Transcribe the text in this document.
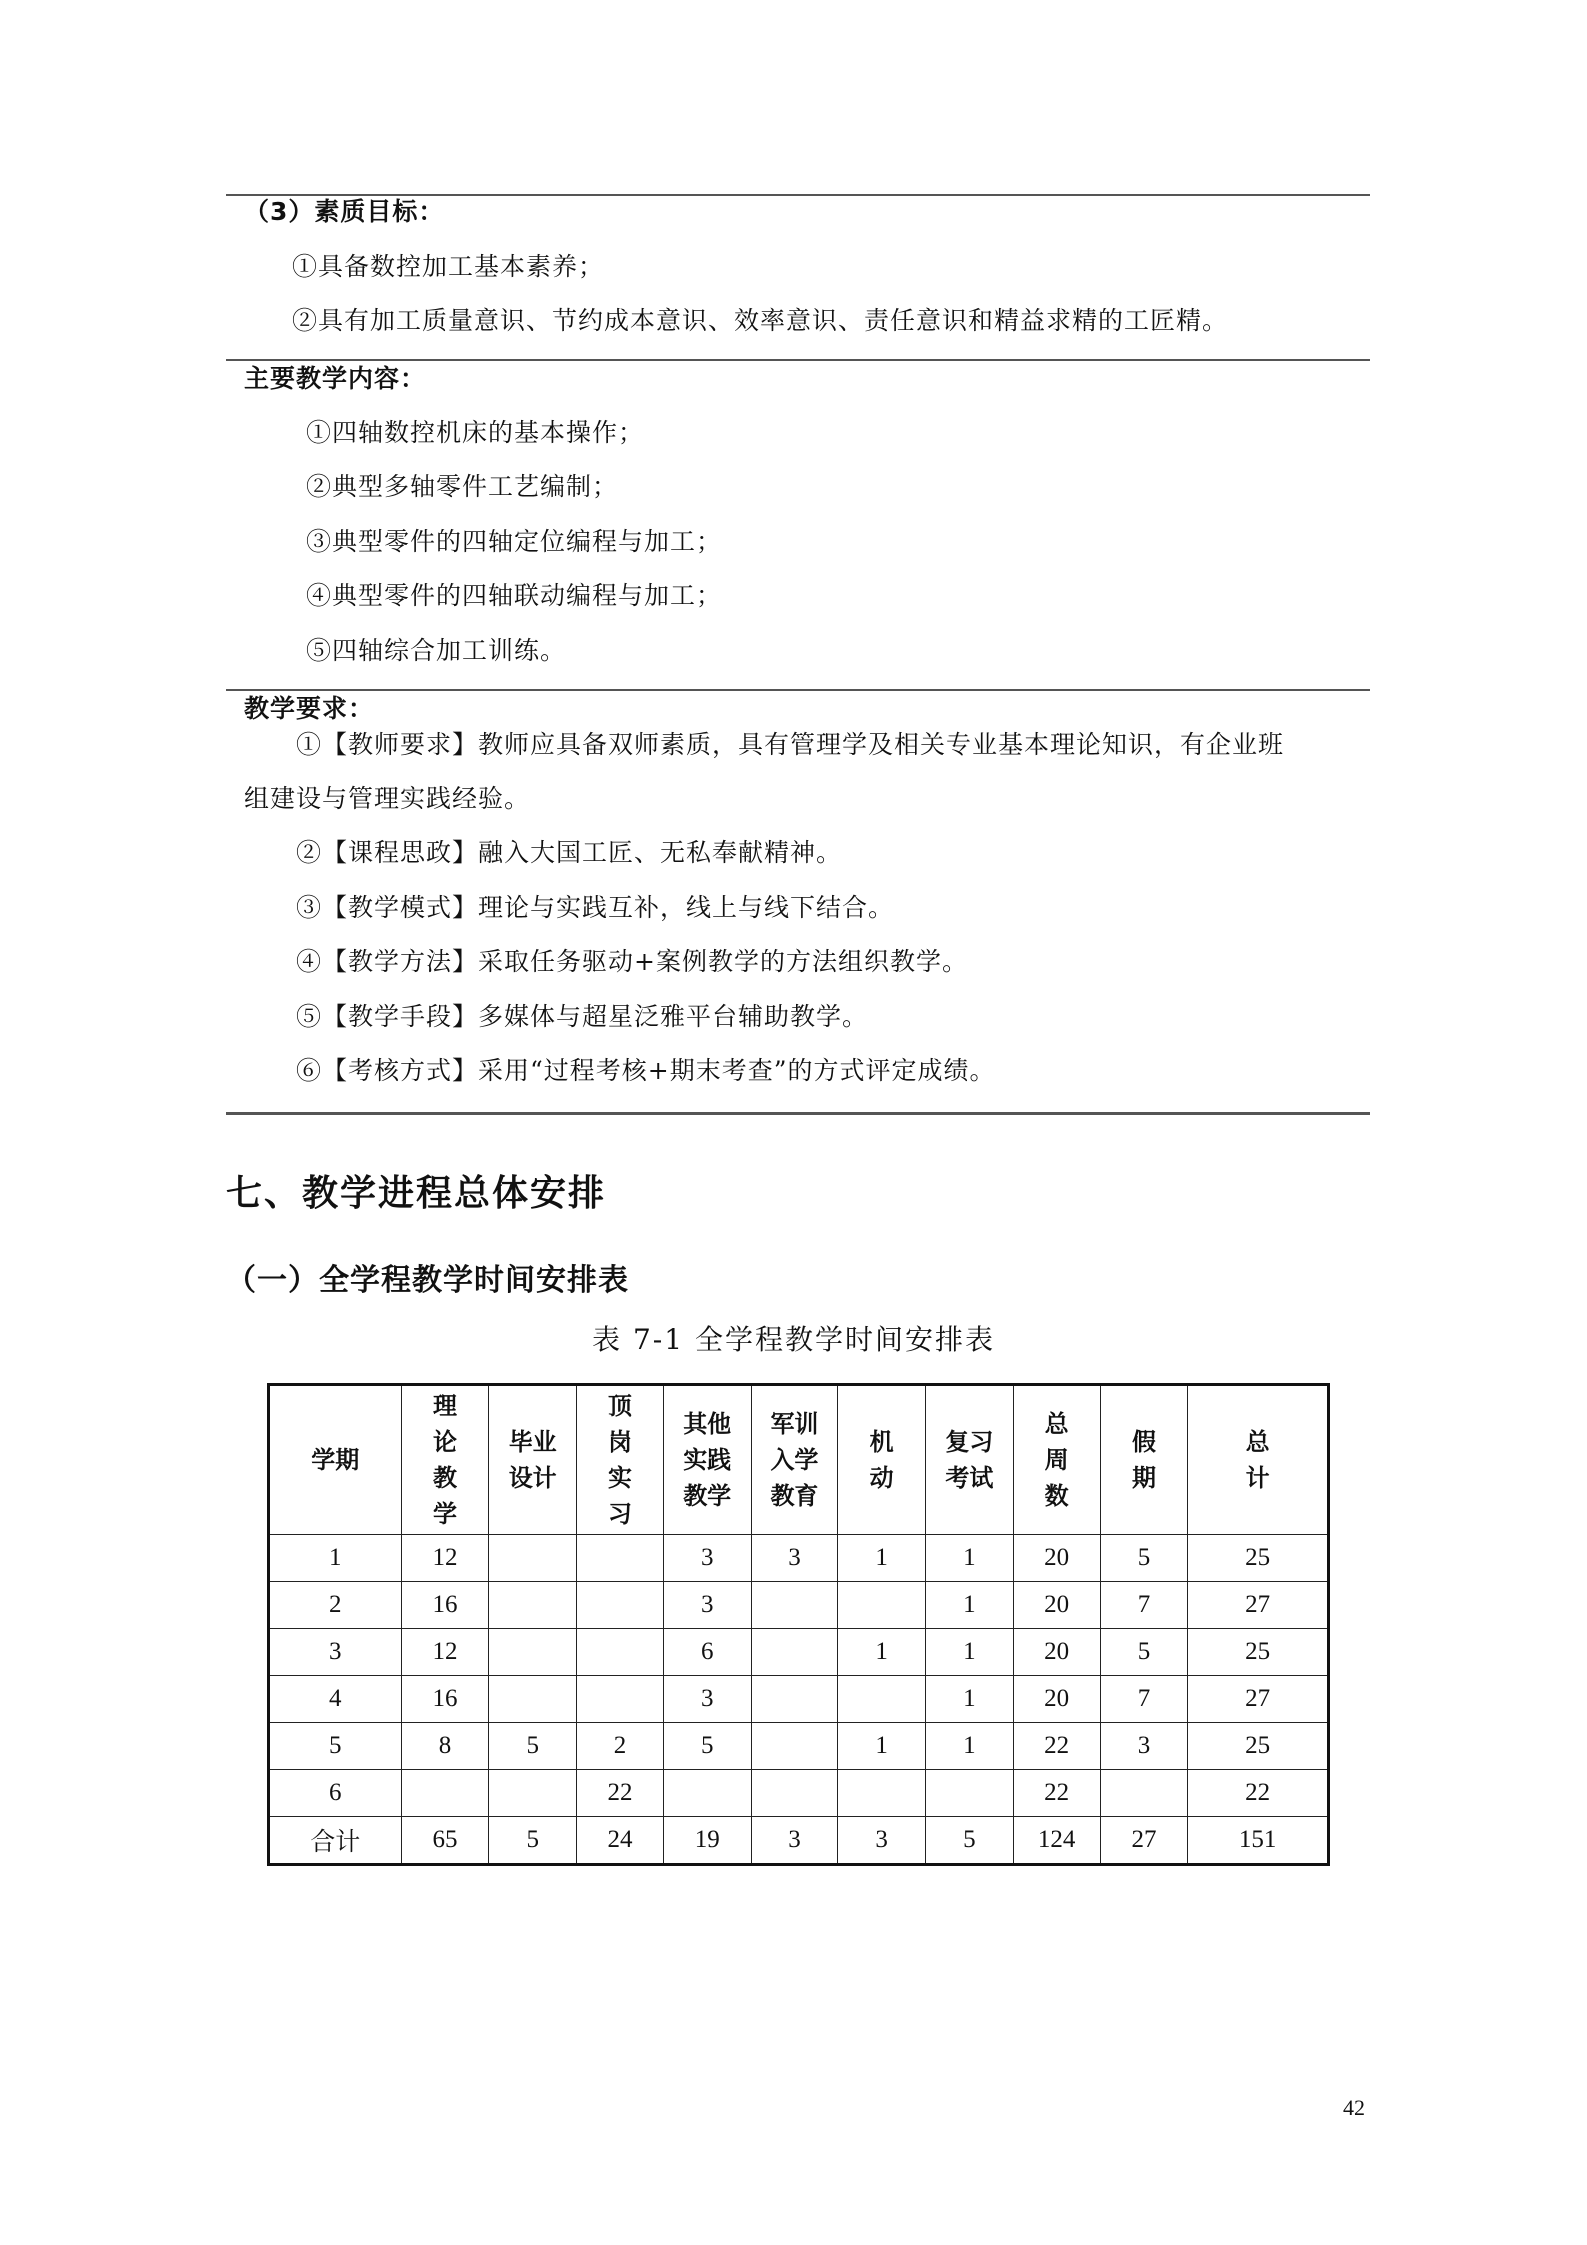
（3）素质目标：
①具备数控加工基本素养；
②具有加工质量意识、节约成本意识、效率意识、责任意识和精益求精的工匠精。
主要教学内容：
①四轴数控机床的基本操作；
②典型多轴零件工艺编制；
③典型零件的四轴定位编程与加工；
④典型零件的四轴联动编程与加工；
⑤四轴综合加工训练。
教学要求：
①【教师要求】教师应具备双师素质，具有管理学及相关专业基本理论知识，有企业班
组建设与管理实践经验。
②【课程思政】融入大国工匠、无私奉献精神。
③【教学模式】理论与实践互补，线上与线下结合。
④【教学方法】采取任务驱动+案例教学的方法组织教学。
⑤【教学手段】多媒体与超星泛雅平台辅助教学。
⑥【考核方式】采用“过程考核+期末考查”的方式评定成绩。
七、教学进程总体安排
（一）全学程教学时间安排表
表 7-1 全学程教学时间安排表
学期	理
论
教
学	毕业
设计	顶
岗
实
习	其他
实践
教学	军训
入学
教育	机
动	复习
考试	总
周
数	假
期	总
计
1	12			3	3	1	1	20	5	25
2	16			3			1	20	7	27
3	12			6		1	1	20	5	25
4	16			3			1	20	7	27
5	8	5	2	5		1	1	22	3	25
6			22					22		22
合计	65	5	24	19	3	3	5	124	27	151
42
